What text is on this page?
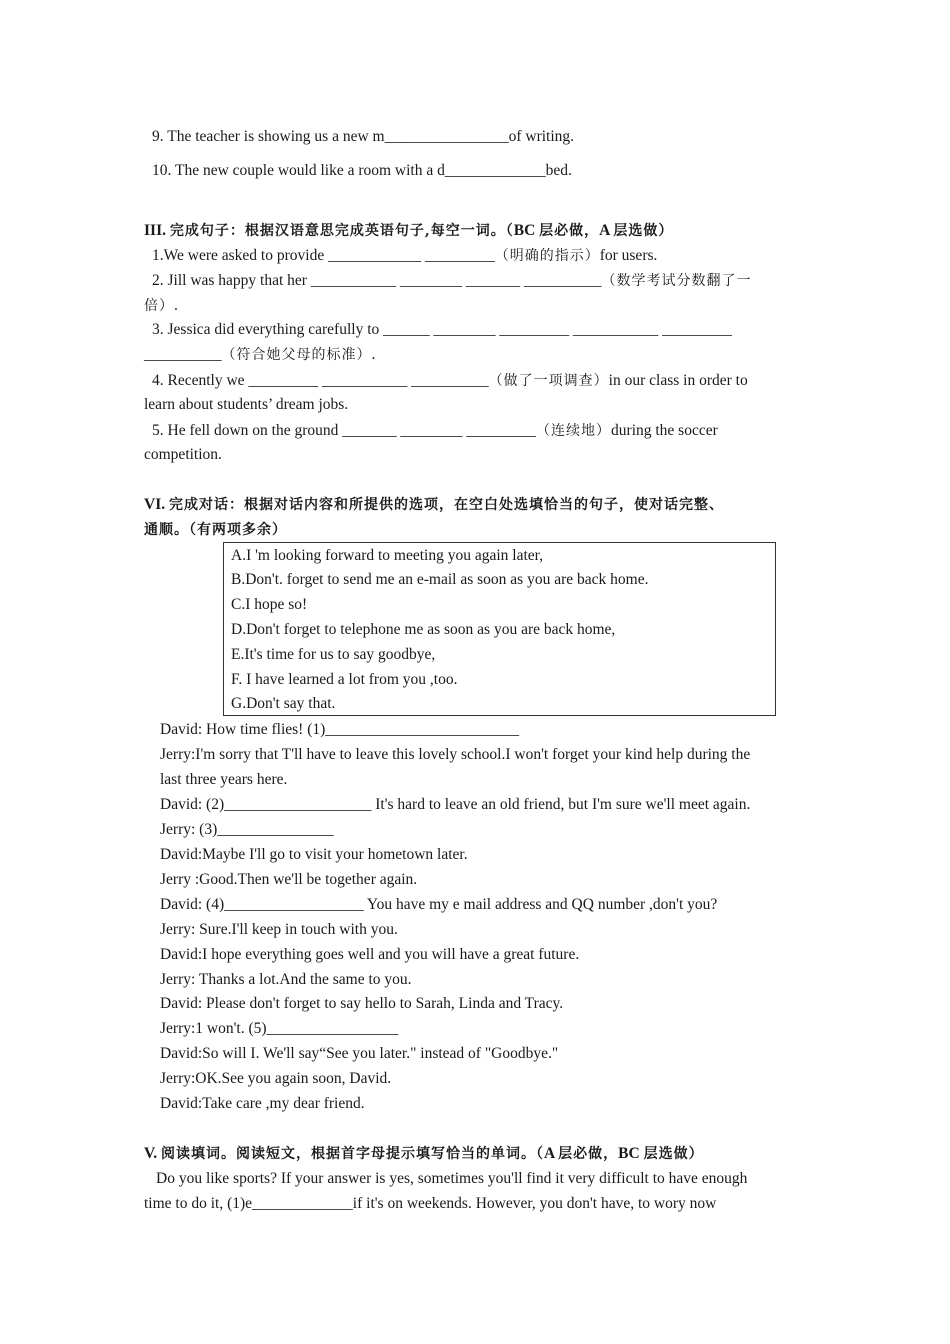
9. The teacher is showing us a new m________________of writing.
10. The new couple would like a room with a d_____________bed.
III. 完成句子：根据汉语意思完成英语句子,每空一词。（BC 层必做，A 层选做）
1.We were asked to provide ____________ _________（明确的指示）for users.
2. Jill was happy that her ___________ ________ _______ __________（数学考试分数翻了一
倍）.
3. Jessica did everything carefully to ______ ________ _________ ___________ _________
__________（符合她父母的标准）.
4. Recently we _________ ___________ __________（做了一项调查）in our class in order to
learn about students’ dream jobs.
5. He fell down on the ground _______ ________ _________（连续地）during the soccer
competition.
VI. 完成对话：根据对话内容和所提供的选项，在空白处选填恰当的句子，使对话完整、
通顺。（有两项多余）
A.I 'm looking forward to meeting you again later,
B.Don't. forget to send me an e-mail as soon as you are back home.
C.I hope so!
D.Don't forget to telephone me as soon as you are back home,
E.It's time for us to say goodbye,
F. I have learned a lot from you ,too.
G.Don't say that.
David: How time flies! (1)_________________________
Jerry:I'm sorry that T'll have to leave this lovely school.I won't forget your kind help during the
last three years here.
David: (2)___________________ It's hard to leave an old friend, but I'm sure we'll meet again.
Jerry: (3)_______________
David:Maybe I'll go to visit your hometown later.
Jerry :Good.Then we'll be together again.
David: (4)__________________ You have my e mail address and QQ number ,don't you?
Jerry: Sure.I'll keep in touch with you.
David:I hope everything goes well and you will have a great future.
Jerry: Thanks a lot.And the same to you.
David: Please don't forget to say hello to Sarah, Linda and Tracy.
Jerry:1 won't. (5)_________________
David:So will I. We'll say“See you later." instead of "Goodbye."
Jerry:OK.See you again soon, David.
David:Take care ,my dear friend.
V. 阅读填词。阅读短文，根据首字母提示填写恰当的单词。（A 层必做，BC 层选做）
Do you like sports? If your answer is yes, sometimes you'll find it very difficult to have enough
time to do it, (1)e_____________if it's on weekends. However, you don't have, to wory now
